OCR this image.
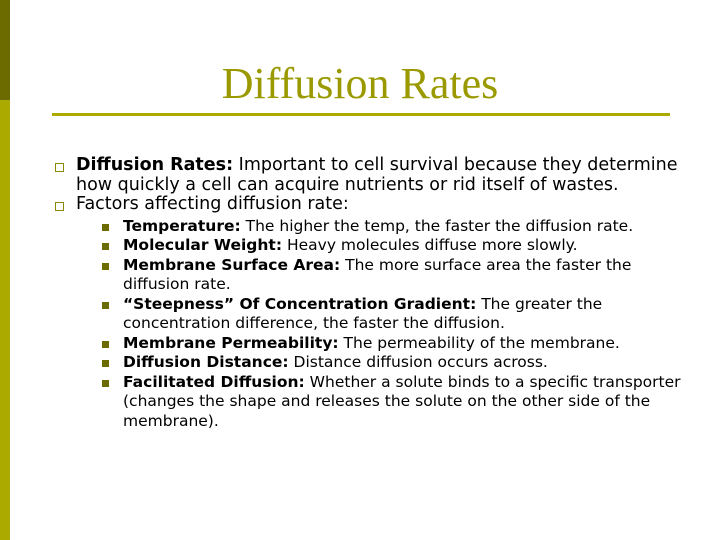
Diffusion Rates
Diffusion Rates: Important to cell survival because they determine how quickly a cell can acquire nutrients or rid itself of wastes.
Factors affecting diffusion rate:
Temperature: The higher the temp, the faster the diffusion rate.
Molecular Weight: Heavy molecules diffuse more slowly.
Membrane Surface Area: The more surface area the faster the diffusion rate.
“Steepness” Of Concentration Gradient: The greater the concentration difference, the faster the diffusion.
Membrane Permeability: The permeability of the membrane.
Diffusion Distance: Distance diffusion occurs across.
Facilitated Diffusion: Whether a solute binds to a specific transporter (changes the shape and releases the solute on the other side of the membrane).
